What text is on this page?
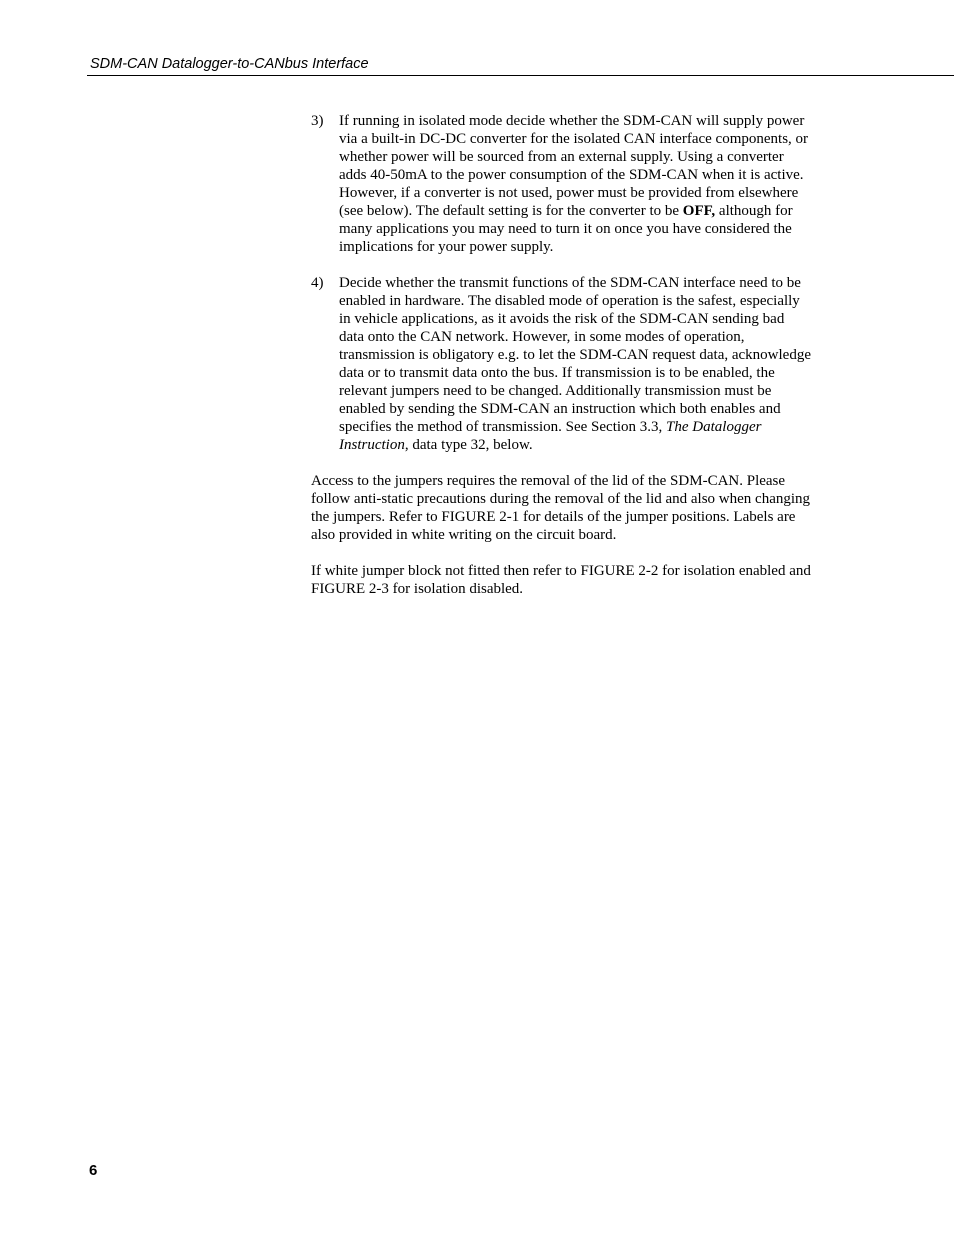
SDM-CAN Datalogger-to-CANbus Interface
3) If running in isolated mode decide whether the SDM-CAN will supply power via a built-in DC-DC converter for the isolated CAN interface components, or whether power will be sourced from an external supply. Using a converter adds 40-50mA to the power consumption of the SDM-CAN when it is active. However, if a converter is not used, power must be provided from elsewhere (see below). The default setting is for the converter to be OFF, although for many applications you may need to turn it on once you have considered the implications for your power supply.
4) Decide whether the transmit functions of the SDM-CAN interface need to be enabled in hardware. The disabled mode of operation is the safest, especially in vehicle applications, as it avoids the risk of the SDM-CAN sending bad data onto the CAN network. However, in some modes of operation, transmission is obligatory e.g. to let the SDM-CAN request data, acknowledge data or to transmit data onto the bus. If transmission is to be enabled, the relevant jumpers need to be changed. Additionally transmission must be enabled by sending the SDM-CAN an instruction which both enables and specifies the method of transmission. See Section 3.3, The Datalogger Instruction, data type 32, below.

Access to the jumpers requires the removal of the lid of the SDM-CAN. Please follow anti-static precautions during the removal of the lid and also when changing the jumpers. Refer to FIGURE 2-1 for details of the jumper positions. Labels are also provided in white writing on the circuit board.

If white jumper block not fitted then refer to FIGURE 2-2 for isolation enabled and FIGURE 2-3 for isolation disabled.

6
